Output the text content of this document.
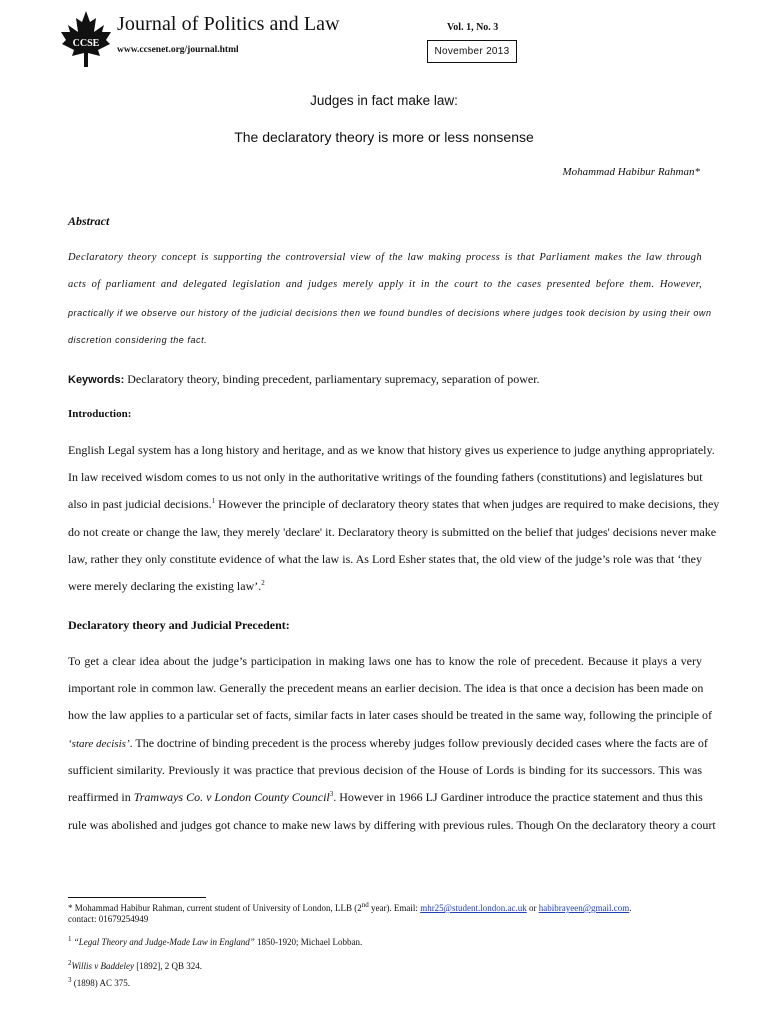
CCSE
Journal of Politics and Law
www.ccsenet.org/journal.html
Vol. 1, No. 3
November 2013
Judges in fact make law:
The declaratory theory is more or less nonsense
Mohammad Habibur Rahman*
Abstract
Declaratory theory concept is supporting the controversial view of the law making process is that Parliament makes the law through
acts of parliament and delegated legislation and judges merely apply it in the court to the cases presented before them. However,
practically if we observe our history of the judicial decisions then we found bundles of decisions where judges took decision by using their own
discretion considering the fact.
Keywords: Declaratory theory, binding precedent, parliamentary supremacy, separation of power.
Introduction:
English Legal system has a long history and heritage, and as we know that history gives us experience to judge anything appropriately.
In law received wisdom comes to us not only in the authoritative writings of the founding fathers (constitutions) and legislatures but
also in past judicial decisions.$^1$ However the principle of declaratory theory states that when judges are required to make decisions, they
do not create or change the law, they merely 'declare' it. Declaratory theory is submitted on the belief that judges' decisions never make
law, rather they only constitute evidence of what the law is. As Lord Esher states that, the old view of the judge’s role was that ‘they
were merely declaring the existing law’.$^2$
Declaratory theory and Judicial Precedent:
To get a clear idea about the judge’s participation in making laws one has to know the role of precedent. Because it plays a very
important role in common law. Generally the precedent means an earlier decision. The idea is that once a decision has been made on
how the law applies to a particular set of facts, similar facts in later cases should be treated in the same way, following the principle of
‘stare decisis’. The doctrine of binding precedent is the process whereby judges follow previously decided cases where the facts are of
sufficient similarity. Previously it was practice that previous decision of the House of Lords is binding for its successors. This was
reaffirmed in Tramways Co. v London County Council$^3$. However in 1966 LJ Gardiner introduce the practice statement and thus this
rule was abolished and judges got chance to make new laws by differing with previous rules. Though On the declaratory theory a court
* Mohammad Habibur Rahman, current student of University of London, LLB (2nd year). Email: mhr25@student.london.ac.uk or habibrayeen@gmail.com.
contact: 01679254949
$^1$ “Legal Theory and Judge-Made Law in England” 1850-1920; Michael Lobban.
$^2$Willis v Baddeley [1892], 2 QB 324.
$^3$ (1898) AC 375.
